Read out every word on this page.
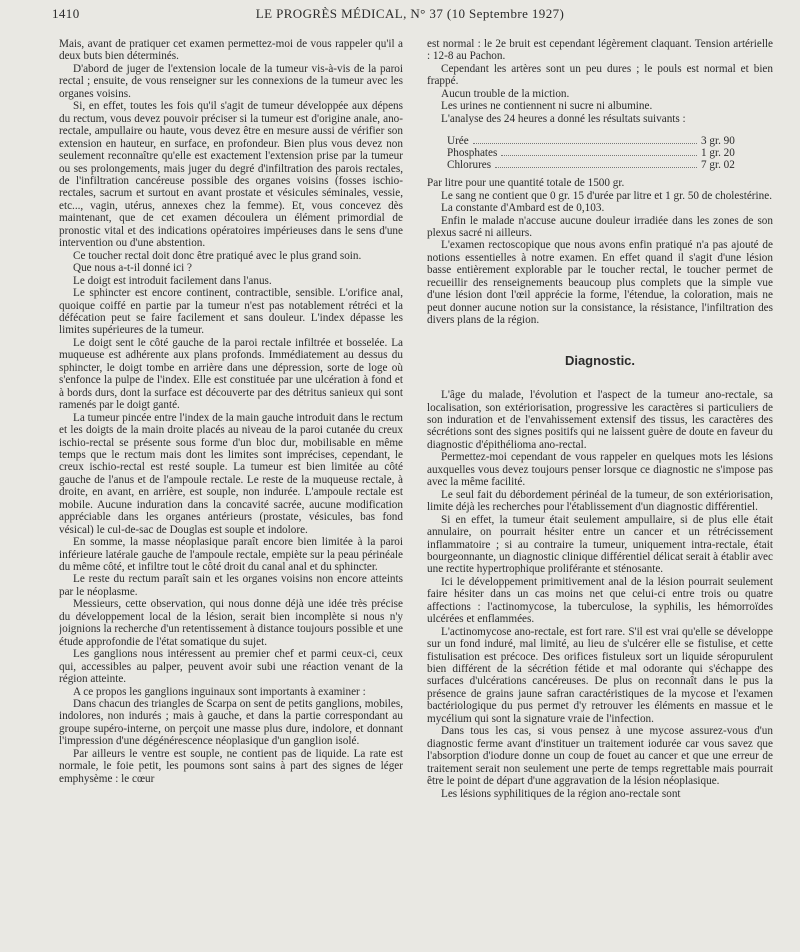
1410	LE PROGRÈS MÉDICAL, N° 37 (10 Septembre 1927)

Mais, avant de pratiquer cet examen permettez-moi de vous rappeler qu'il a deux buts bien déterminés.

D'abord de juger de l'extension locale de la tumeur vis-à-vis de la paroi rectal ; ensuite, de vous renseigner sur les connexions de la tumeur avec les organes voisins.

Si, en effet, toutes les fois qu'il s'agit de tumeur développée aux dépens du rectum, vous devez pouvoir préciser si la tumeur est d'origine anale, ano-rectale, ampullaire ou haute, vous devez être en mesure aussi de vérifier son extension en hauteur, en surface, en profondeur. Bien plus vous devez non seulement reconnaître qu'elle est exactement l'extension prise par la tumeur ou ses prolongements, mais juger du degré d'infiltration des parois rectales, de l'infiltration cancéreuse possible des organes voisins (fosses ischio-rectales, sacrum et surtout en avant prostate et vésicules séminales, vessie, etc..., vagin, utérus, annexes chez la femme). Et, vous concevez dès maintenant, que de cet examen découlera un élément primordial de pronostic vital et des indications opératoires impérieuses dans le sens d'une intervention ou d'une abstention.

Ce toucher rectal doit donc être pratiqué avec le plus grand soin.

Que nous a-t-il donné ici ?

Le doigt est introduit facilement dans l'anus.

Le sphincter est encore continent, contractible, sensible. L'orifice anal, quoique coiffé en partie par la tumeur n'est pas notablement rétréci et la défécation peut se faire facilement et sans douleur. L'index dépasse les limites supérieures de la tumeur.

Le doigt sent le côté gauche de la paroi rectale infiltrée et bosselée. La muqueuse est adhérente aux plans profonds. Immédiatement au dessus du sphincter, le doigt tombe en arrière dans une dépression, sorte de loge où s'enfonce la pulpe de l'index. Elle est constituée par une ulcération à fond et à bords durs, dont la surface est découverte par des détritus sanieux qui sont ramenés par le doigt ganté.

La tumeur pincée entre l'index de la main gauche introduit dans le rectum et les doigts de la main droite placés au niveau de la paroi cutanée du creux ischio-rectal se présente sous forme d'un bloc dur, mobilisable en même temps que le rectum mais dont les limites sont imprécises, cependant, le creux ischio-rectal est resté souple. La tumeur est bien limitée au côté gauche de l'anus et de l'ampoule rectale. Le reste de la muqueuse rectale, à droite, en avant, en arrière, est souple, non indurée. L'ampoule rectale est mobile. Aucune induration dans la concavité sacrée, aucune modification appréciable dans les organes antérieurs (prostate, vésicules, bas fond vésical) le cul-de-sac de Douglas est souple et indolore.

En somme, la masse néoplasique paraît encore bien limitée à la paroi inférieure latérale gauche de l'ampoule rectale, empiète sur la peau périnéale du même côté, et infiltre tout le côté droit du canal anal et du sphincter.

Le reste du rectum paraît sain et les organes voisins non encore atteints par le néoplasme.

Messieurs, cette observation, qui nous donne déjà une idée très précise du développement local de la lésion, serait bien incomplète si nous n'y joignions la recherche d'un retentissement à distance toujours possible et une étude approfondie de l'état somatique du sujet.

Les ganglions nous intéressent au premier chef et parmi ceux-ci, ceux qui, accessibles au palper, peuvent avoir subi une réaction venant de la région atteinte.

A ce propos les ganglions inguinaux sont importants à examiner :

Dans chacun des triangles de Scarpa on sent de petits ganglions, mobiles, indolores, non indurés ; mais à gauche, et dans la partie correspondant au groupe supéro-interne, on perçoit une masse plus dure, indolore, et donnant l'impression d'une dégénérescence néoplasique d'un ganglion isolé.

Par ailleurs le ventre est souple, ne contient pas de liquide. La rate est normale, le foie petit, les poumons sont sains à part des signes de léger emphysème : le cœur

est normal : le 2e bruit est cependant légèrement claquant. Tension artérielle : 12-8 au Pachon.

Cependant les artères sont un peu dures ; le pouls est normal et bien frappé.

Aucun trouble de la miction.

Les urines ne contiennent ni sucre ni albumine.

L'analyse des 24 heures a donné les résultats suivants :

Urée	3 gr. 90
Phosphates	1 gr. 20
Chlorures	7 gr. 02

Par litre pour une quantité totale de 1500 gr.

Le sang ne contient que 0 gr. 15 d'urée par litre et 1 gr. 50 de cholestérine.

La constante d'Ambard est de 0,103.

Enfin le malade n'accuse aucune douleur irradiée dans les zones de son plexus sacré ni ailleurs.

L'examen rectoscopique que nous avons enfin pratiqué n'a pas ajouté de notions essentielles à notre examen. En effet quand il s'agit d'une lésion basse entièrement explorable par le toucher rectal, le toucher permet de recueillir des renseignements beaucoup plus complets que la simple vue d'une lésion dont l'œil apprécie la forme, l'étendue, la coloration, mais ne peut donner aucune notion sur la consistance, la résistance, l'infiltration des divers plans de la région.

Diagnostic.

L'âge du malade, l'évolution et l'aspect de la tumeur ano-rectale, sa localisation, son extériorisation, progressive les caractères si particuliers de son induration et de l'envahissement extensif des tissus, les caractères des sécrétions sont des signes positifs qui ne laissent guère de doute en faveur du diagnostic d'épithélioma ano-rectal.

Permettez-moi cependant de vous rappeler en quelques mots les lésions auxquelles vous devez toujours penser lorsque ce diagnostic ne s'impose pas avec la même facilité.

Le seul fait du débordement périnéal de la tumeur, de son extériorisation, limite déjà les recherches pour l'établissement d'un diagnostic différentiel.

Si en effet, la tumeur était seulement ampullaire, si de plus elle était annulaire, on pourrait hésiter entre un cancer et un rétrécissement inflammatoire ; si au contraire la tumeur, uniquement intra-rectale, était bourgeonnante, un diagnostic clinique différentiel délicat serait à établir avec une rectite hypertrophique proliférante et sténosante.

Ici le développement primitivement anal de la lésion pourrait seulement faire hésiter dans un cas moins net que celui-ci entre trois ou quatre affections : l'actinomycose, la tuberculose, la syphilis, les hémorroïdes ulcérées et enflammées.

L'actinomycose ano-rectale, est fort rare. S'il est vrai qu'elle se développe sur un fond induré, mal limité, au lieu de s'ulcérer elle se fistulise, et cette fistulisation est précoce. Des orifices fistuleux sort un liquide séropurulent bien différent de la sécrétion fétide et mal odorante qui s'échappe des surfaces d'ulcérations cancéreuses. De plus on reconnaît dans le pus la présence de grains jaune safran caractéristiques de la mycose et l'examen bactériologique du pus permet d'y retrouver les éléments en massue et le mycélium qui sont la signature vraie de l'infection.

Dans tous les cas, si vous pensez à une mycose assurez-vous d'un diagnostic ferme avant d'instituer un traitement iodurée car vous savez que l'absorption d'iodure donne un coup de fouet au cancer et que une erreur de traitement serait non seulement une perte de temps regrettable mais pourrait être le point de départ d'une aggravation de la lésion néoplasique.

Les lésions syphilitiques de la région ano-rectale sont
